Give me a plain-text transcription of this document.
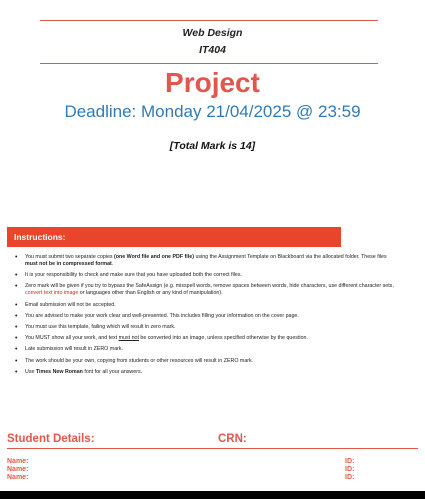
Web Design
IT404
Project
Deadline: Monday 21/04/2025 @ 23:59
[Total Mark is 14]
Instructions:
• You must submit two separate copies (one Word file and one PDF file) using the Assignment Template on Blackboard via the allocated folder. These files must not be in compressed format.
• It is your responsibility to check and make sure that you have uploaded both the correct files.
• Zero mark will be given if you try to bypass the SafeAssign (e.g. misspell words, remove spaces between words, hide characters, use different character sets, convert text into image or languages other than English or any kind of manipulation).
• Email submission will not be accepted.
• You are advised to make your work clear and well-presented. This includes filling your information on the cover page.
• You must use this template, failing which will result in zero mark.
• You MUST show all your work, and text must not be converted into an image, unless specified otherwise by the question.
• Late submission will result in ZERO mark.
• The work should be your own, copying from students or other resources will result in ZERO mark.
• Use Times New Roman font for all your answers.
Student Details:	CRN:
Name:
Name:
Name:
ID:
ID:
ID:
